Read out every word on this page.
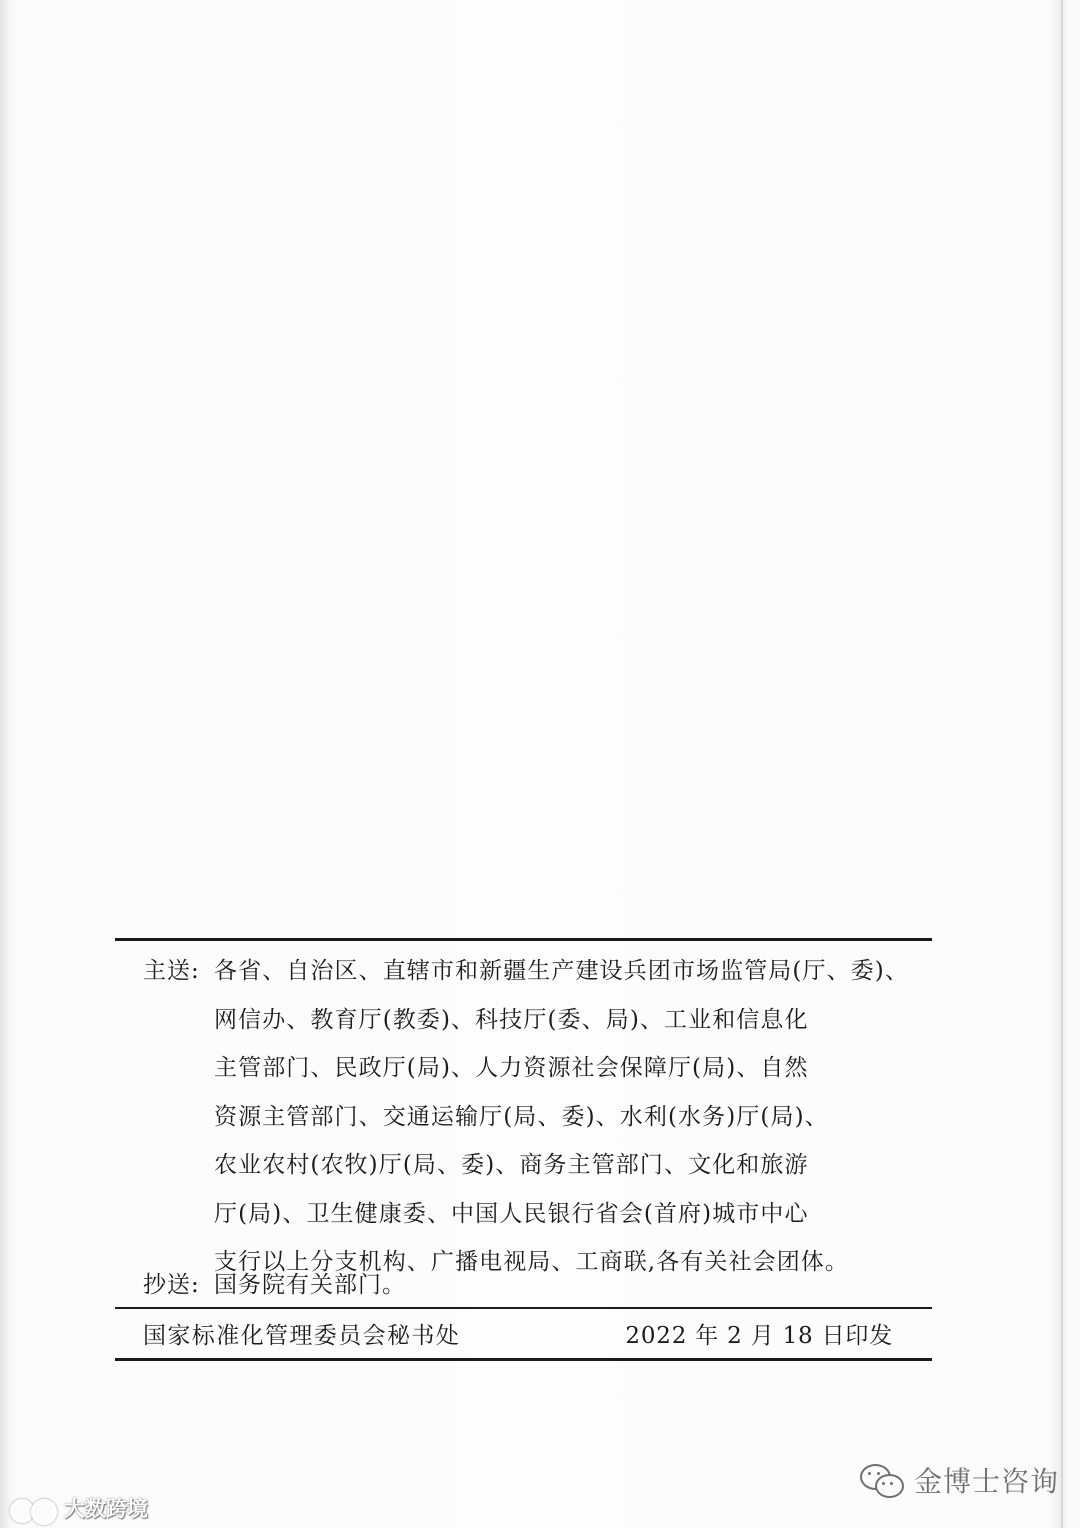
主送: 各省、自治区、直辖市和新疆生产建设兵团市场监管局(厅、委)、
网信办、教育厅(教委)、科技厅(委、局)、工业和信息化
主管部门、民政厅(局)、人力资源社会保障厅(局)、自然
资源主管部门、交通运输厅(局、委)、水利(水务)厅(局)、
农业农村(农牧)厅(局、委)、商务主管部门、文化和旅游
厅(局)、卫生健康委、中国人民银行省会(首府)城市中心
支行以上分支机构、广播电视局、工商联,各有关社会团体。
抄送: 国务院有关部门。
国家标准化管理委员会秘书处	2022 年 2 月 18 日印发
大数跨境
金博士咨询
